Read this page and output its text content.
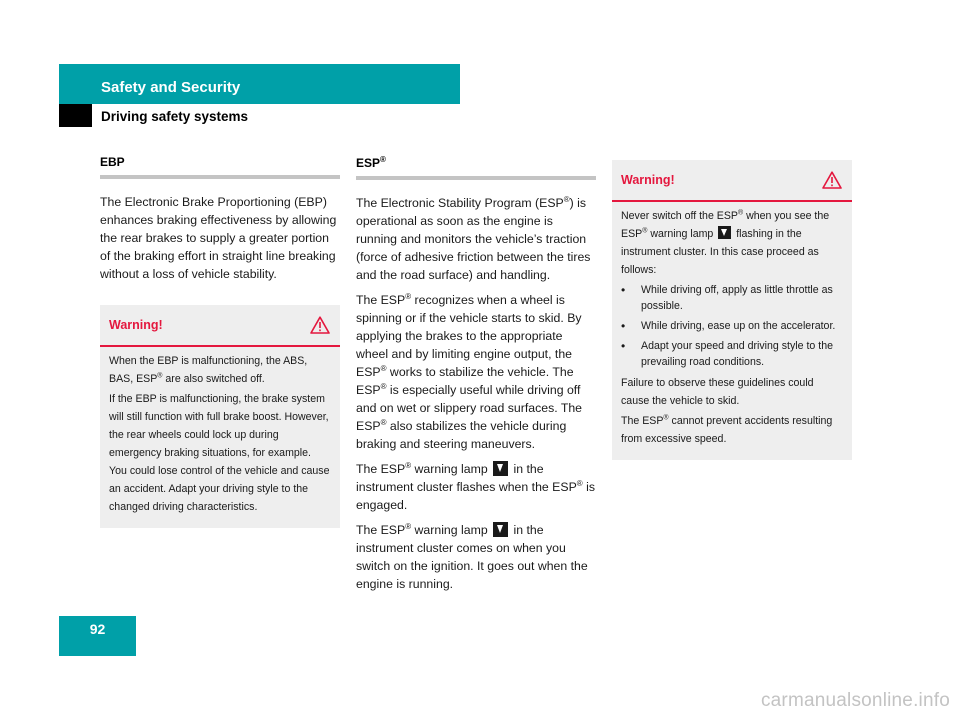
Safety and Security
Driving safety systems
EBP

The Electronic Brake Proportioning (EBP) enhances braking effectiveness by allowing the rear brakes to supply a greater portion of the braking effort in straight line breaking without a loss of vehicle stability.

Warning!

When the EBP is malfunctioning, the ABS, BAS, ESP® are also switched off.

If the EBP is malfunctioning, the brake system will still function with full brake boost. However, the rear wheels could lock up during emergency braking situations, for example. You could lose control of the vehicle and cause an accident. Adapt your driving style to the changed driving characteristics.

ESP®

The Electronic Stability Program (ESP®) is operational as soon as the engine is running and monitors the vehicle’s traction (force of adhesive friction between the tires and the road surface) and handling.

The ESP® recognizes when a wheel is spinning or if the vehicle starts to skid. By applying the brakes to the appropriate wheel and by limiting engine output, the ESP® works to stabilize the vehicle. The ESP® is especially useful while driving off and on wet or slippery road surfaces. The ESP® also stabilizes the vehicle during braking and steering maneuvers.

The ESP® warning lamp  in the instrument cluster flashes when the ESP® is engaged.

The ESP® warning lamp  in the instrument cluster comes on when you switch on the ignition. It goes out when the engine is running.

Warning!

Never switch off the ESP® when you see the ESP® warning lamp  flashing in the instrument cluster. In this case proceed as follows:

• While driving off, apply as little throttle as possible.
• While driving, ease up on the accelerator.
• Adapt your speed and driving style to the prevailing road conditions.

Failure to observe these guidelines could cause the vehicle to skid.

The ESP® cannot prevent accidents resulting from excessive speed.

92
carmanualsonline.info
